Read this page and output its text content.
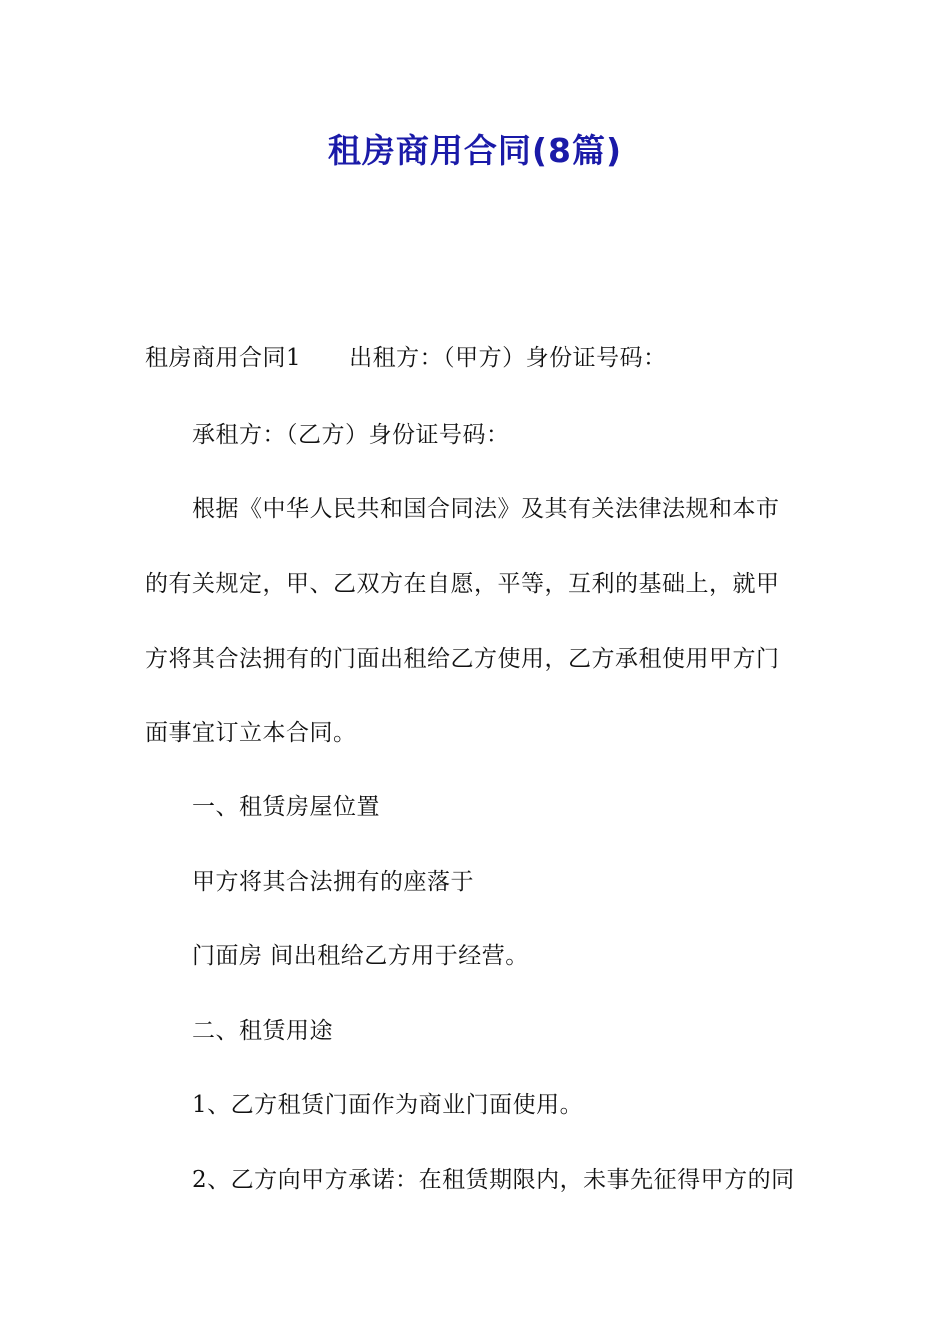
租房商用合同(8篇)
租房商用合同1 出租方：（甲方）身份证号码：
承租方：（乙方）身份证号码：
根据《中华人民共和国合同法》及其有关法律法规和本市
的有关规定，甲、乙双方在自愿，平等，互利的基础上，就甲
方将其合法拥有的门面出租给乙方使用，乙方承租使用甲方门
面事宜订立本合同。
一、租赁房屋位置
甲方将其合法拥有的座落于
门面房 间出租给乙方用于经营。
二、租赁用途
1、乙方租赁门面作为商业门面使用。
2、乙方向甲方承诺：在租赁期限内，未事先征得甲方的同
